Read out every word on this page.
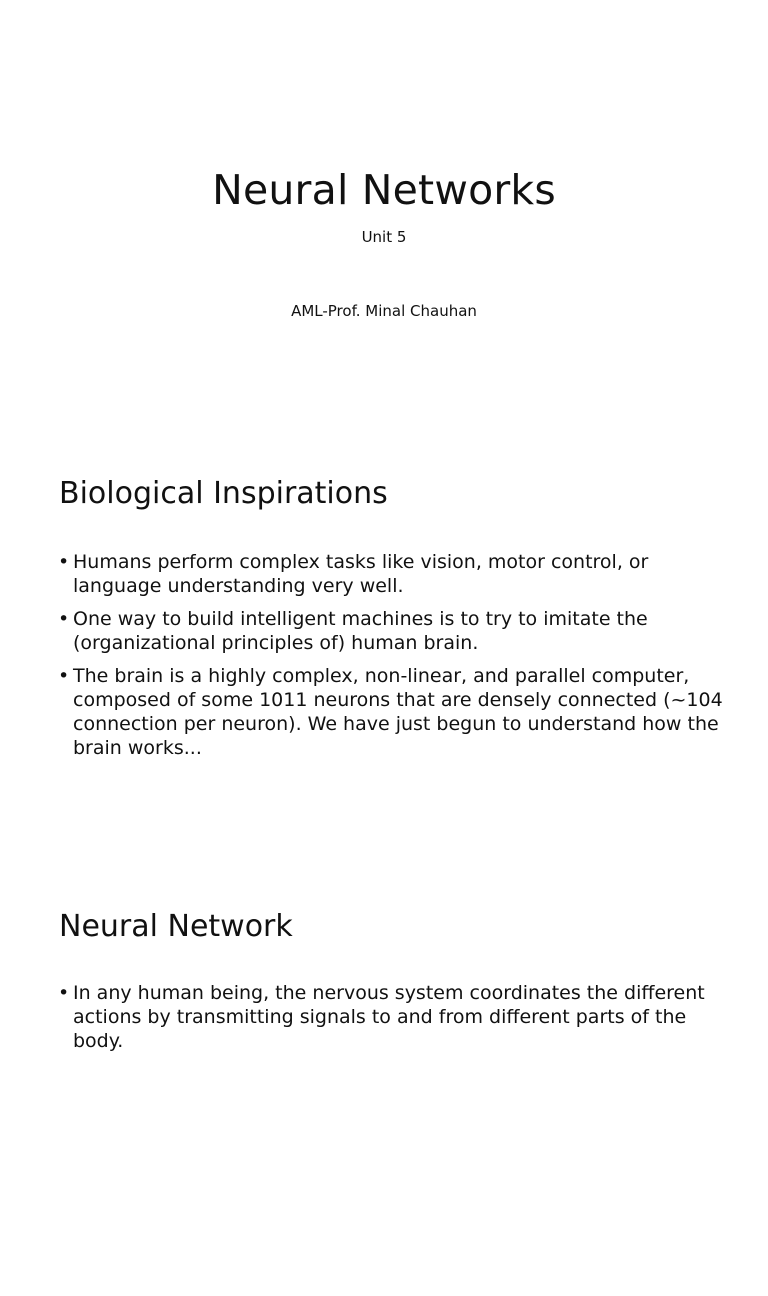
Neural Networks

Unit 5

AML-Prof. Minal Chauhan

Biological Inspirations
• Humans perform complex tasks like vision, motor control, or language understanding very well.
• One way to build intelligent machines is to try to imitate the (organizational principles of) human brain.
• The brain is a highly complex, non-linear, and parallel computer, composed of some 1011 neurons that are densely connected (~104 connection per neuron). We have just begun to understand how the brain works...
Neural Network
• In any human being, the nervous system coordinates the different actions by transmitting signals to and from different parts of the body.
